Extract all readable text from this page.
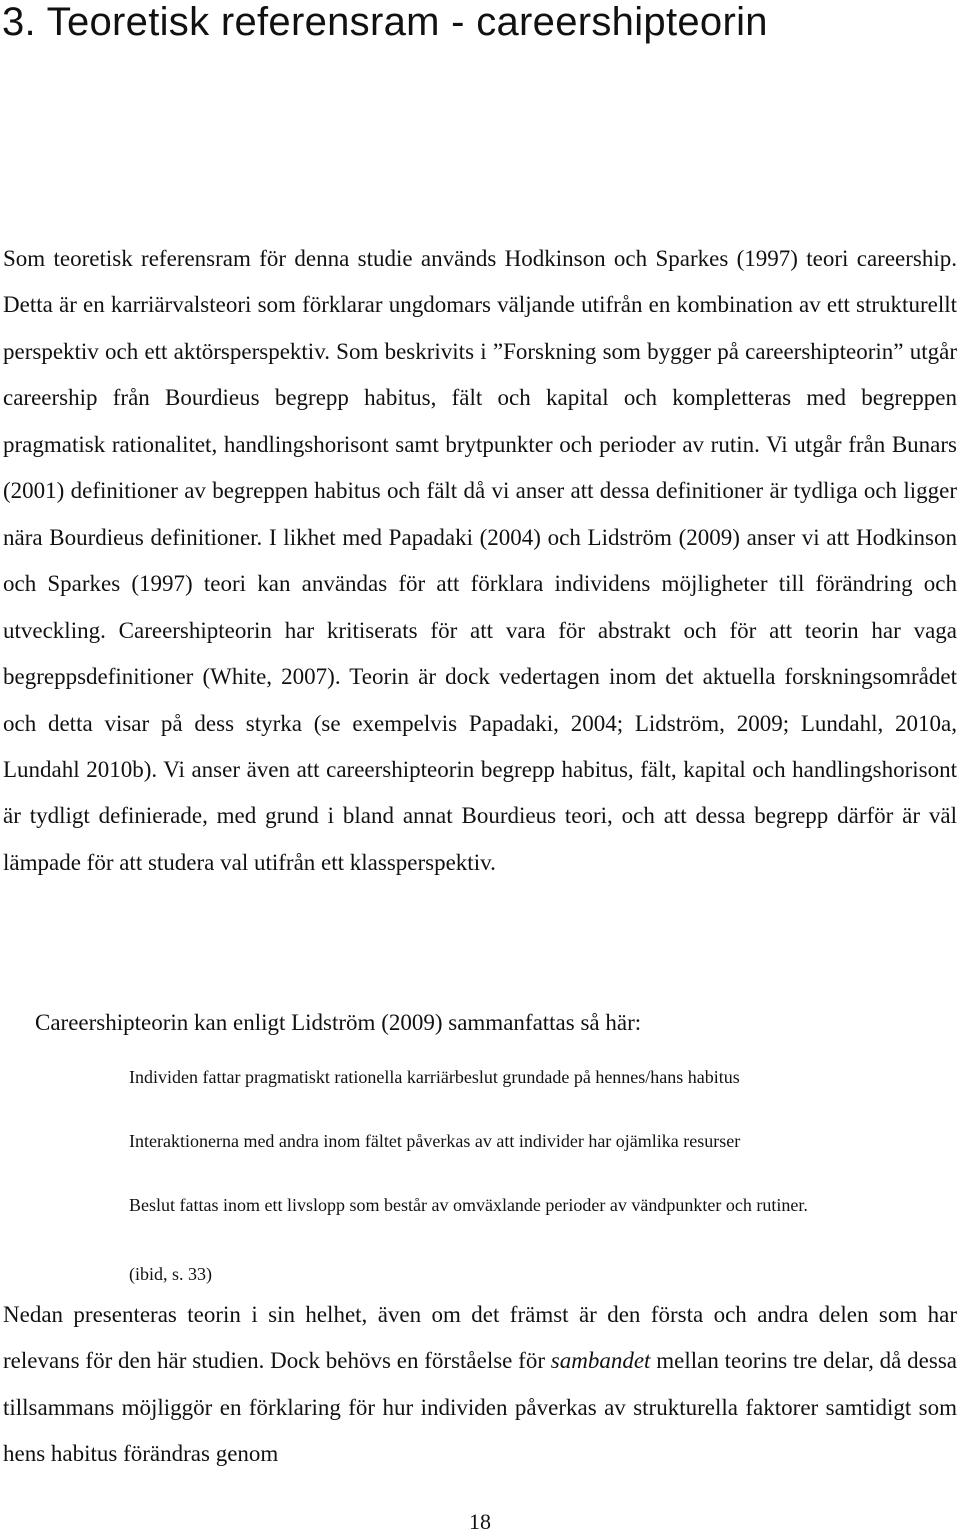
3. Teoretisk referensram - careershipteorin

Som teoretisk referensram för denna studie används Hodkinson och Sparkes (1997) teori careership. Detta är en karriärvalsteori som förklarar ungdomars väljande utifrån en kombination av ett strukturellt perspektiv och ett aktörsperspektiv. Som beskrivits i ”Forskning som bygger på careershipteorin” utgår careership från Bourdieus begrepp habitus, fält och kapital och kompletteras med begreppen pragmatisk rationalitet, handlingshorisont samt brytpunkter och perioder av rutin. Vi utgår från Bunars (2001) definitioner av begreppen habitus och fält då vi anser att dessa definitioner är tydliga och ligger nära Bourdieus definitioner. I likhet med Papadaki (2004) och Lidström (2009) anser vi att Hodkinson och Sparkes (1997) teori kan användas för att förklara individens möjligheter till förändring och utveckling. Careershipteorin har kritiserats för att vara för abstrakt och för att teorin har vaga begreppsdefinitioner (White, 2007). Teorin är dock vedertagen inom det aktuella forskningsområdet och detta visar på dess styrka (se exempelvis Papadaki, 2004; Lidström, 2009; Lundahl, 2010a, Lundahl 2010b). Vi anser även att careershipteorin begrepp habitus, fält, kapital och handlingshorisont är tydligt definierade, med grund i bland annat Bourdieus teori, och att dessa begrepp därför är väl lämpade för att studera val utifrån ett klassperspektiv.

Careershipteorin kan enligt Lidström (2009) sammanfattas så här:

Individen fattar pragmatiskt rationella karriärbeslut grundade på hennes/hans habitus

Interaktionerna med andra inom fältet påverkas av att individer har ojämlika resurser

Beslut fattas inom ett livslopp som består av omväxlande perioder av vändpunkter och rutiner.

(ibid, s. 33)

Nedan presenteras teorin i sin helhet, även om det främst är den första och andra delen som har relevans för den här studien. Dock behövs en förståelse för sambandet mellan teorins tre delar, då dessa tillsammans möjliggör en förklaring för hur individen påverkas av strukturella faktorer samtidigt som hens habitus förändras genom

18
